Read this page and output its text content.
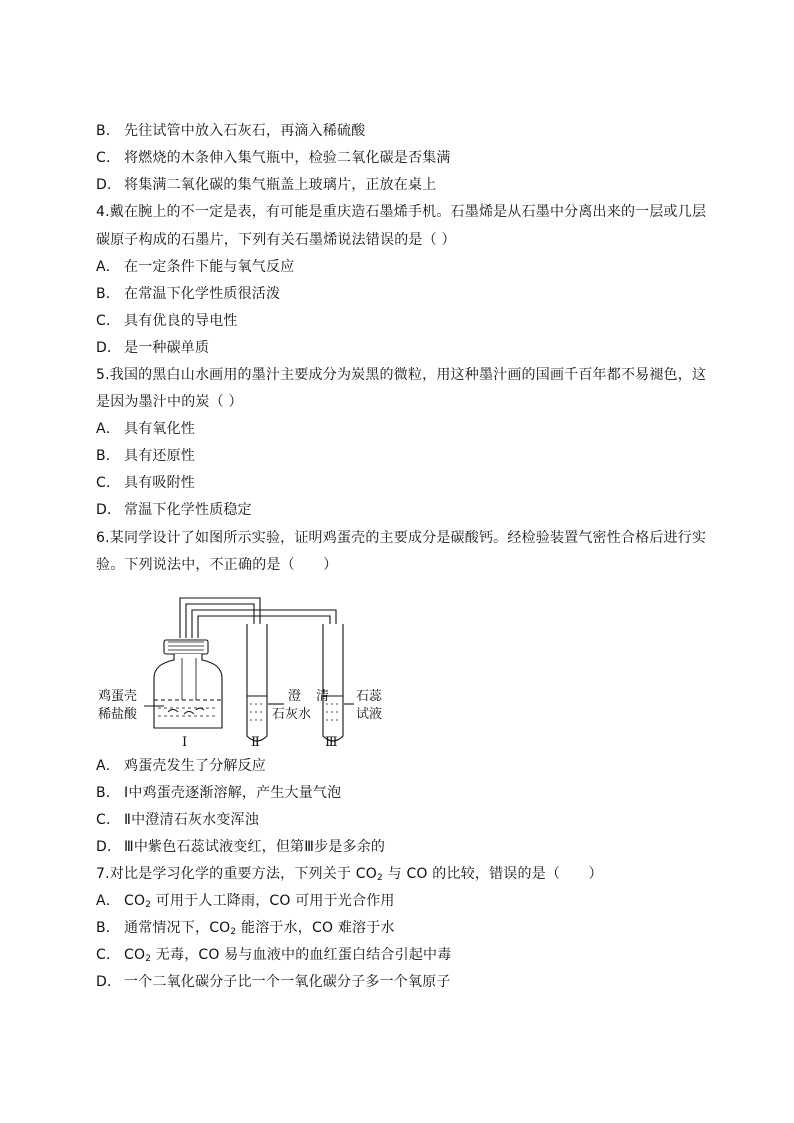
B． 先往试管中放入石灰石，再滴入稀硫酸
C． 将燃烧的木条伸入集气瓶中，检验二氧化碳是否集满
D． 将集满二氧化碳的集气瓶盖上玻璃片，正放在桌上
4.戴在腕上的不一定是表，有可能是重庆造石墨烯手机。石墨烯是从石墨中分离出来的一层或几层
碳原子构成的石墨片，下列有关石墨烯说法错误的是（ ）
A． 在一定条件下能与氧气反应
B． 在常温下化学性质很活泼
C． 具有优良的导电性
D． 是一种碳单质
5.我国的黑白山水画用的墨汁主要成分为炭黑的微粒，用这种墨汁画的国画千百年都不易褪色，这
是因为墨汁中的炭（ ）
A． 具有氧化性
B． 具有还原性
C． 具有吸附性
D． 常温下化学性质稳定
6.某同学设计了如图所示实验，证明鸡蛋壳的主要成分是碳酸钙。经检验装置气密性合格后进行实
验。下列说法中，不正确的是（　　）
鸡蛋壳
稀盐酸
澄 清
石灰水
石蕊
试液
Ⅰ	Ⅱ	Ⅲ
A． 鸡蛋壳发生了分解反应
B． Ⅰ中鸡蛋壳逐渐溶解，产生大量气泡
C． Ⅱ中澄清石灰水变浑浊
D． Ⅲ中紫色石蕊试液变红，但第Ⅲ步是多余的
7.对比是学习化学的重要方法，下列关于 $CO_2$ 与 CO 的比较，错误的是（　　）
A． $CO_2$ 可用于人工降雨，CO 可用于光合作用
B． 通常情况下，$CO_2$ 能溶于水，CO 难溶于水
C． $CO_2$ 无毒，CO 易与血液中的血红蛋白结合引起中毒
D． 一个二氧化碳分子比一个一氧化碳分子多一个氧原子
